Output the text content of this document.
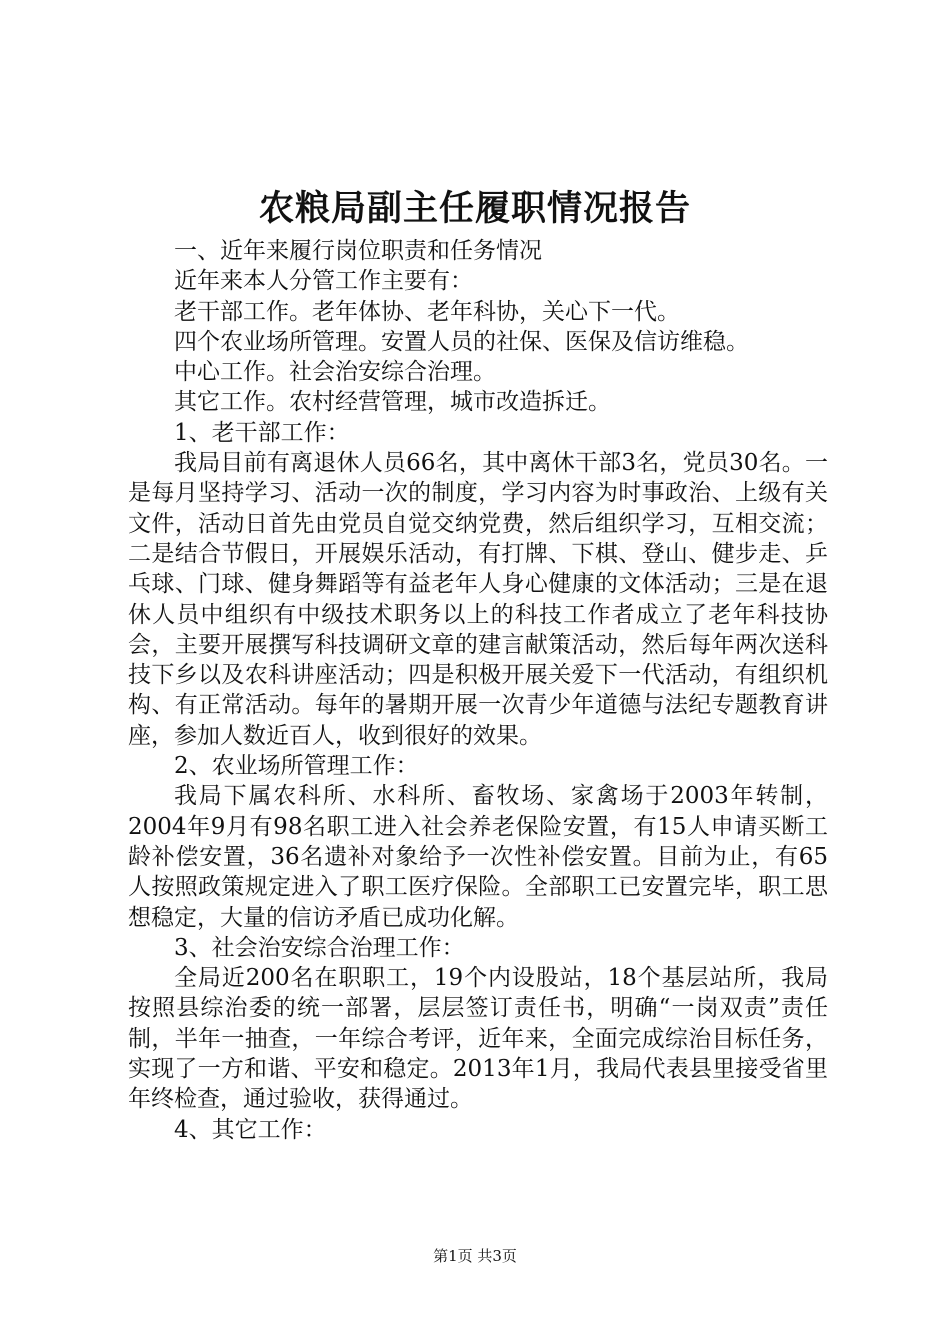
农粮局副主任履职情况报告

一、近年来履行岗位职责和任务情况

近年来本人分管工作主要有：

老干部工作。老年体协、老年科协，关心下一代。

四个农业场所管理。安置人员的社保、医保及信访维稳。

中心工作。社会治安综合治理。

其它工作。农村经营管理，城市改造拆迁。

1、老干部工作：

我局目前有离退休人员66名，其中离休干部3名，党员30名。一是每月坚持学习、活动一次的制度，学习内容为时事政治、上级有关文件，活动日首先由党员自觉交纳党费，然后组织学习，互相交流；二是结合节假日，开展娱乐活动，有打牌、下棋、登山、健步走、乒乓球、门球、健身舞蹈等有益老年人身心健康的文体活动；三是在退休人员中组织有中级技术职务以上的科技工作者成立了老年科技协会，主要开展撰写科技调研文章的建言献策活动，然后每年两次送科技下乡以及农科讲座活动；四是积极开展关爱下一代活动，有组织机构、有正常活动。每年的暑期开展一次青少年道德与法纪专题教育讲座，参加人数近百人，收到很好的效果。

2、农业场所管理工作：

我局下属农科所、水科所、畜牧场、家禽场于2003年转制，2004年9月有98名职工进入社会养老保险安置，有15人申请买断工龄补偿安置，36名遗补对象给予一次性补偿安置。目前为止，有65人按照政策规定进入了职工医疗保险。全部职工已安置完毕，职工思想稳定，大量的信访矛盾已成功化解。

3、社会治安综合治理工作：

全局近200名在职职工，19个内设股站，18个基层站所，我局按照县综治委的统一部署，层层签订责任书，明确“一岗双责”责任制，半年一抽查，一年综合考评，近年来，全面完成综治目标任务，实现了一方和谐、平安和稳定。2013年1月，我局代表县里接受省里年终检查，通过验收，获得通过。

4、其它工作：

第1页 共3页
